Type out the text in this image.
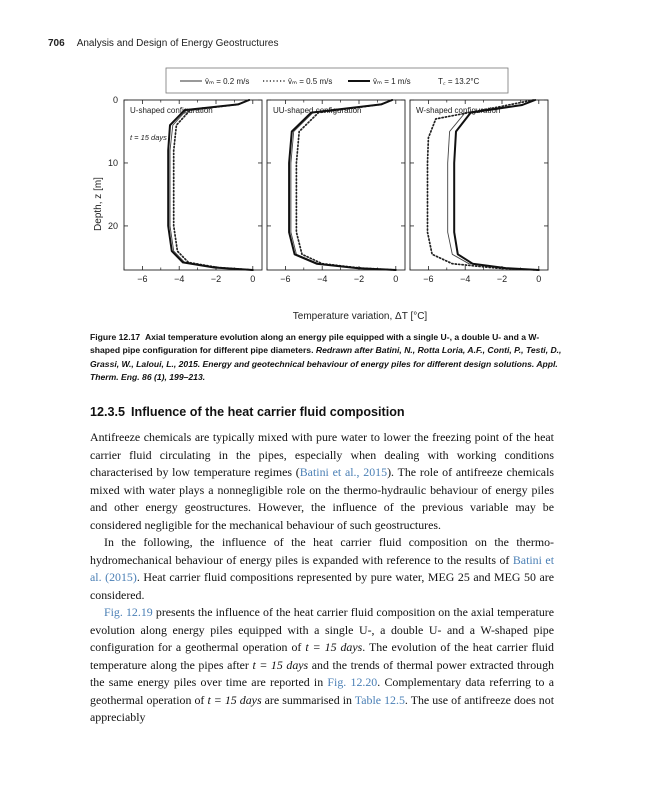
706 Analysis and Design of Energy Geostructures
v̄ₘ = 0.2 m/s	v̄ₘ = 0.5 m/s	v̄ₘ = 1 m/s	T꜀ = 13.2°C
Depth, z [m]
Temperature variation, ΔT [°C]
U-shaped configuration
−6	−4	−2	0
0
10
20
t = 15 days
UU-shaped configuration
−6	−4	−2	0
W-shaped configuration
−6	−4	−2	0
Figure 12.17 Axial temperature evolution along an energy pile equipped with a single U-, a double U- and a W-shaped pipe configuration for different pipe diameters. Redrawn after Batini, N., Rotta Loria, A.F., Conti, P., Testi, D., Grassi, W., Laloui, L., 2015. Energy and geotechnical behaviour of energy piles for different design solutions. Appl. Therm. Eng. 86 (1), 199–213.
12.3.5 Influence of the heat carrier fluid composition

Antifreeze chemicals are typically mixed with pure water to lower the freezing point of the heat carrier fluid circulating in the pipes, especially when dealing with working conditions characterised by low temperature regimes (Batini et al., 2015). The role of antifreeze chemicals mixed with water plays a nonnegligible role on the thermo-hydraulic behaviour of energy piles and other energy geostructures. However, the influence of the previous variable may be considered negligible for the mechanical behaviour of such geostructures.

In the following, the influence of the heat carrier fluid composition on the thermo-hydromechanical behaviour of energy piles is expanded with reference to the results of Batini et al. (2015). Heat carrier fluid compositions represented by pure water, MEG 25 and MEG 50 are considered.

Fig. 12.19 presents the influence of the heat carrier fluid composition on the axial temperature evolution along energy piles equipped with a single U-, a double U- and a W-shaped pipe configuration for a geothermal operation of t = 15 days. The evolution of the heat carrier fluid temperature along the pipes after t = 15 days and the trends of thermal power extracted through the same energy piles over time are reported in Fig. 12.20. Complementary data referring to a geothermal operation of t = 15 days are summarised in Table 12.5. The use of antifreeze does not appreciably
